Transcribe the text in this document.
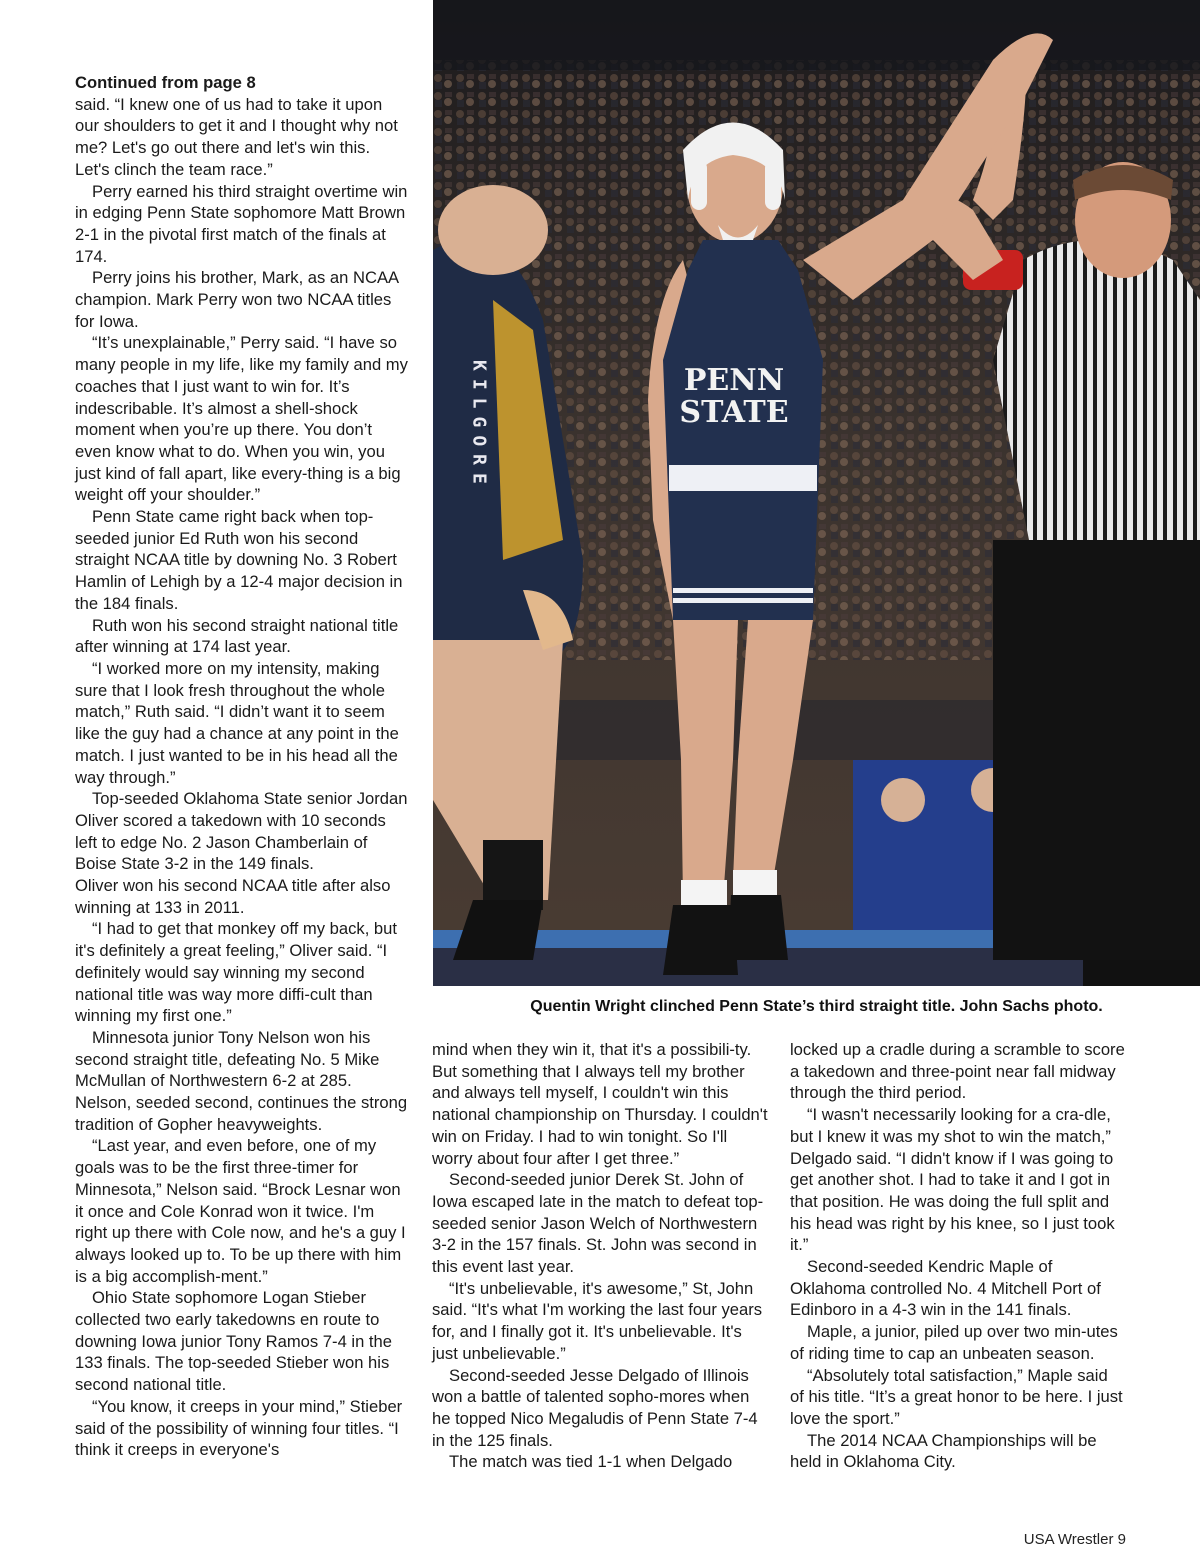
Continued from page 8

said. “I knew one of us had to take it upon our shoulders to get it and I thought why not me? Let's go out there and let's win this. Let's clinch the team race.”

Perry earned his third straight overtime win in edging Penn State sophomore Matt Brown 2-1 in the pivotal first match of the finals at 174.

Perry joins his brother, Mark, as an NCAA champion. Mark Perry won two NCAA titles for Iowa.

“It’s unexplainable,” Perry said. “I have so many people in my life, like my family and my coaches that I just want to win for. It’s indescribable. It’s almost a shell-shock moment when you’re up there. You don’t even know what to do. When you win, you just kind of fall apart, like every-thing is a big weight off your shoulder.”

Penn State came right back when top-seeded junior Ed Ruth won his second straight NCAA title by downing No. 3 Robert Hamlin of Lehigh by a 12-4 major decision in the 184 finals.

Ruth won his second straight national title after winning at 174 last year.

“I worked more on my intensity, making sure that I look fresh throughout the whole match,” Ruth said. “I didn’t want it to seem like the guy had a chance at any point in the match. I just wanted to be in his head all the way through.”

Top-seeded Oklahoma State senior Jordan Oliver scored a takedown with 10 seconds left to edge No. 2 Jason Chamberlain of Boise State 3-2 in the 149 finals.

Oliver won his second NCAA title after also winning at 133 in 2011.

“I had to get that monkey off my back, but it's definitely a great feeling,” Oliver said. “I definitely would say winning my second national title was way more diffi-cult than winning my first one.”

Minnesota junior Tony Nelson won his second straight title, defeating No. 5 Mike McMullan of Northwestern 6-2 at 285. Nelson, seeded second, continues the strong tradition of Gopher heavyweights.

“Last year, and even before, one of my goals was to be the first three-timer for Minnesota,” Nelson said. “Brock Lesnar won it once and Cole Konrad won it twice. I'm right up there with Cole now, and he's a guy I always looked up to. To be up there with him is a big accomplish-ment.”

Ohio State sophomore Logan Stieber collected two early takedowns en route to downing Iowa junior Tony Ramos 7-4 in the 133 finals. The top-seeded Stieber won his second national title.

“You know, it creeps in your mind,” Stieber said of the possibility of winning four titles. “I think it creeps in everyone's

KILGORE	PENN
STATE
Quentin Wright clinched Penn State’s third straight title. John Sachs photo.

mind when they win it, that it's a possibili-ty. But something that I always tell my brother and always tell myself, I couldn't win this national championship on Thursday. I couldn't win on Friday. I had to win tonight. So I'll worry about four after I get three.”

Second-seeded junior Derek St. John of Iowa escaped late in the match to defeat top-seeded senior Jason Welch of Northwestern 3-2 in the 157 finals. St. John was second in this event last year.

“It's unbelievable, it's awesome,” St, John said. “It's what I'm working the last four years for, and I finally got it. It's unbelievable. It's just unbelievable.”

Second-seeded Jesse Delgado of Illinois won a battle of talented sopho-mores when he topped Nico Megaludis of Penn State 7-4 in the 125 finals.

The match was tied 1-1 when Delgado

locked up a cradle during a scramble to score a takedown and three-point near fall midway through the third period.

“I wasn't necessarily looking for a cra-dle, but I knew it was my shot to win the match,” Delgado said. “I didn't know if I was going to get another shot. I had to take it and I got in that position. He was doing the full split and his head was right by his knee, so I just took it.”

Second-seeded Kendric Maple of Oklahoma controlled No. 4 Mitchell Port of Edinboro in a 4-3 win in the 141 finals.

Maple, a junior, piled up over two min-utes of riding time to cap an unbeaten season.

“Absolutely total satisfaction,” Maple said of his title. “It’s a great honor to be here. I just love the sport.”

The 2014 NCAA Championships will be held in Oklahoma City.

USA Wrestler 9
